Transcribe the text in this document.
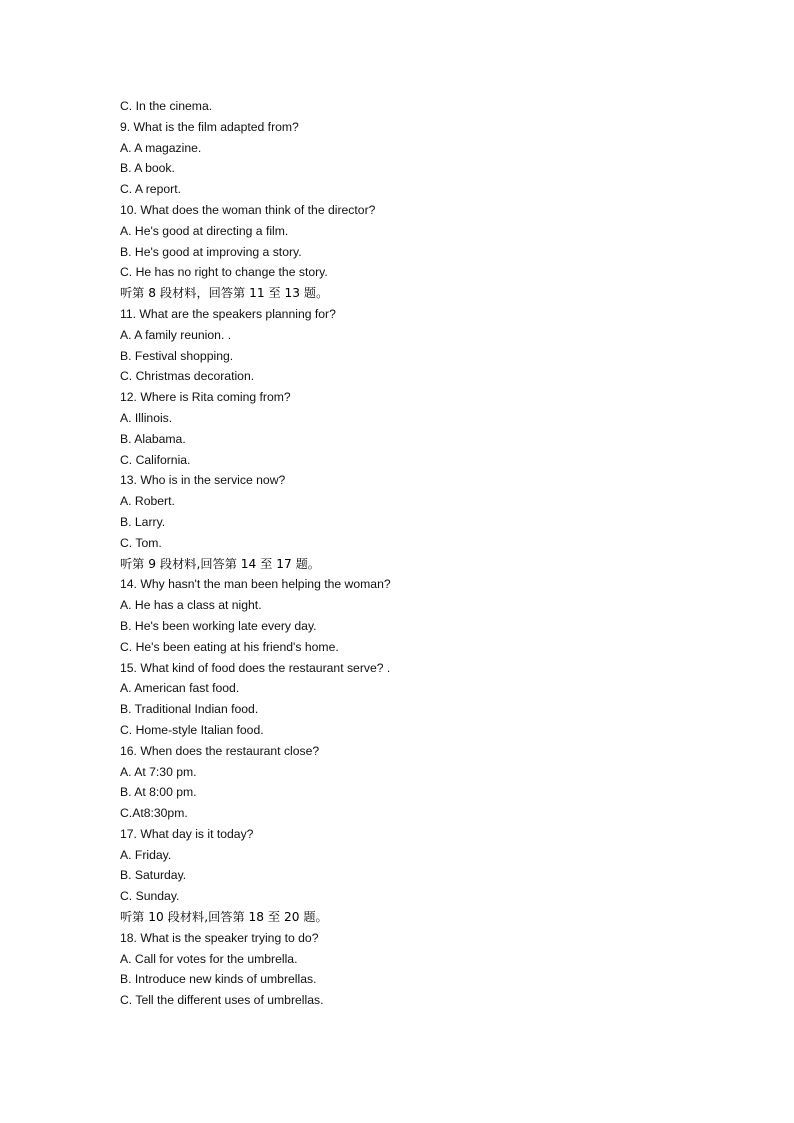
C. In the cinema.
9. What is the film adapted from?
A. A magazine.
B. A book.
C. A report.
10. What does the woman think of the director?
A. He's good at directing a film.
B. He's good at improving a story.
C. He has no right to change the story.
听第 8 段材料，回答第 11 至 13 题。
11. What are the speakers planning for?
A. A family reunion. .
B. Festival shopping.
C. Christmas decoration.
12. Where is Rita coming from?
A. Illinois.
B. Alabama.
C. California.
13. Who is in the service now?
A. Robert.
B. Larry.
C. Tom.
听第 9 段材料,回答第 14 至 17 题。
14. Why hasn't the man been helping the woman?
A. He has a class at night.
B. He's been working late every day.
C. He's been eating at his friend's home.
15. What kind of food does the restaurant serve? .
A. American fast food.
B. Traditional Indian food.
C. Home-style Italian food.
16. When does the restaurant close?
A. At 7:30 pm.
B. At 8:00 pm.
C.At8:30pm.
17. What day is it today?
A. Friday.
B. Saturday.
C. Sunday.
听第 10 段材料,回答第 18 至 20 题。
18. What is the speaker trying to do?
A. Call for votes for the umbrella.
B. Introduce new kinds of umbrellas.
C. Tell the different uses of umbrellas.
